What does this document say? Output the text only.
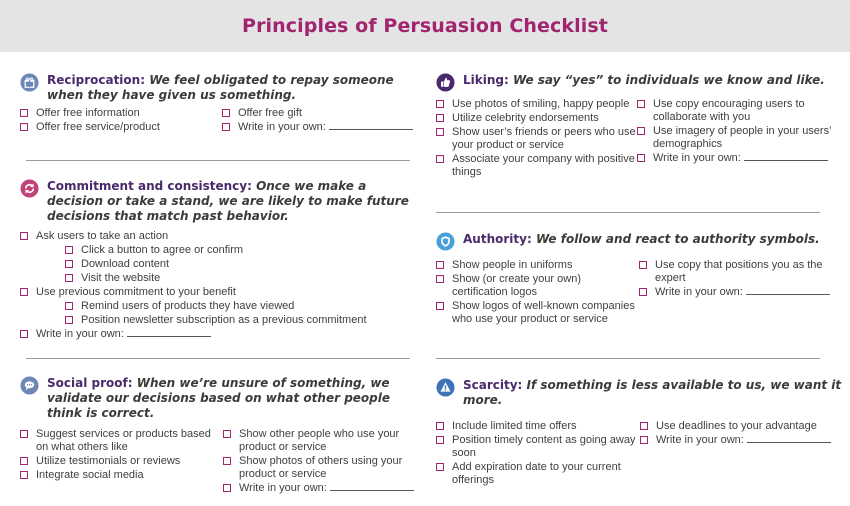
Principles of Persuasion Checklist
Reciprocation: We feel obligated to repay someone when they have given us something.
Offer free information
Offer free service/product
Offer free gift
Write in your own:
Commitment and consistency: Once we make a decision or take a stand, we are likely to make future decisions that match past behavior.
Ask users to take an action
Click a button to agree or confirm
Download content
Visit the website
Use previous commitment to your benefit
Remind users of products they have viewed
Position newsletter subscription as a previous commitment
Write in your own:
Social proof: When we’re unsure of something, we validate our decisions based on what other people think is correct.
Suggest services or products based on what others like
Utilize testimonials or reviews
Integrate social media
Show other people who use your product or service
Show photos of others using your product or service
Write in your own:
Liking: We say “yes” to individuals we know and like.
Use photos of smiling, happy people
Utilize celebrity endorsements
Show user’s friends or peers who use your product or service
Associate your company with positive things
Use copy encouraging users to collaborate with you
Use imagery of people in your users’ demographics
Write in your own:
Authority: We follow and react to authority symbols.
Show people in uniforms
Show (or create your own) certification logos
Show logos of well-known companies who use your product or service
Use copy that positions you as the expert
Write in your own:
Scarcity: If something is less available to us, we want it more.
Include limited time offers
Position timely content as going away soon
Add expiration date to your current offerings
Use deadlines to your advantage
Write in your own:
